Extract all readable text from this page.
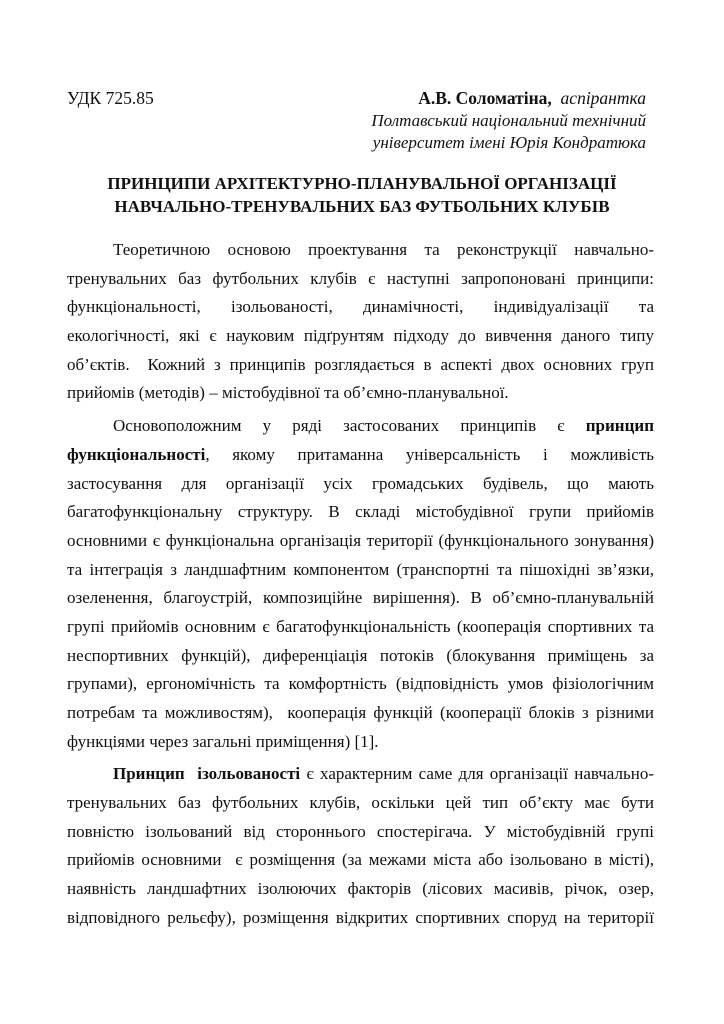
УДК 725.85	А.В. Соломатіна, аспірантка
Полтавський національний технічний
університет імені Юрія Кондратюка
ПРИНЦИПИ АРХІТЕКТУРНО-ПЛАНУВАЛЬНОЇ ОРГАНІЗАЦІЇ
НАВЧАЛЬНО-ТРЕНУВАЛЬНИХ БАЗ ФУТБОЛЬНИХ КЛУБІВ
Теоретичною основою проектування та реконструкції навчально-
тренувальних баз футбольних клубів є наступні запропоновані принципи:
функціональності, ізольованості, динамічності, індивідуалізації та
екологічності, які є науковим підґрунтям підходу до вивчення даного типу
об’єктів.  Кожний з принципів розглядається в аспекті двох основних груп
прийомів (методів) – містобудівної та об’ємно-планувальної.
Основоположним у ряді застосованих принципів є принцип
функціональності, якому притаманна універсальність і можливість
застосування для організації усіх громадських будівель, що мають
багатофункціональну структуру. В складі містобудівної групи прийомів
основними є функціональна організація території (функціонального зонування)
та інтеграція з ландшафтним компонентом (транспортні та пішохідні зв’язки,
озеленення, благоустрій, композиційне вирішення). В об’ємно-планувальній
групі прийомів основним є багатофункціональність (кооперація спортивних та
неспортивних функцій), диференціація потоків (блокування приміщень за
групами), ергономічність та комфортність (відповідність умов фізіологічним
потребам та можливостям),  кооперація функцій (кооперації блоків з різними
функціями через загальні приміщення) [1].
Принцип  ізольованості є характерним саме для організації навчально-
тренувальних баз футбольних клубів, оскільки цей тип об’єкту має бути
повністю ізольований від стороннього спостерігача. У містобудівній групі
прийомів основними  є розміщення (за межами міста або ізольовано в місті),
наявність ландшафтних ізолюючих факторів (лісових масивів, річок, озер,
відповідного рельєфу), розміщення відкритих спортивних споруд на території
